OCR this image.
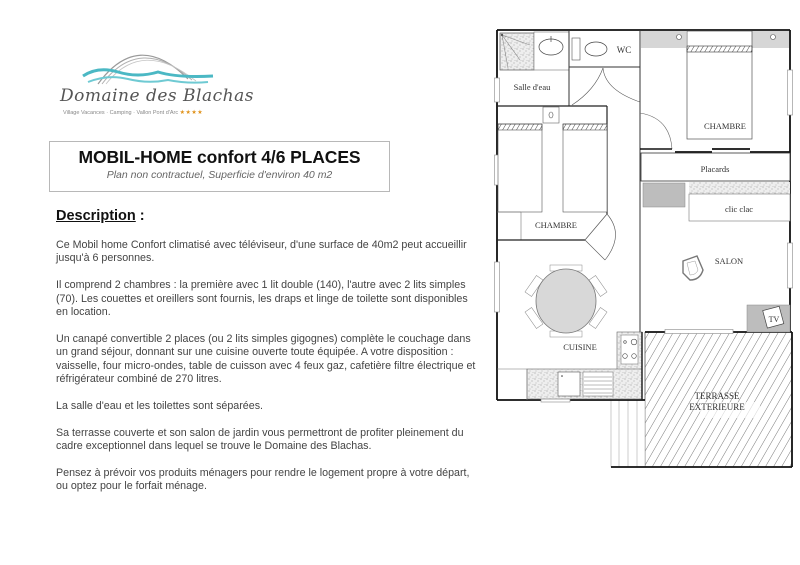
Domaine des Blachas
Village Vacances · Camping · Vallon Pont d'Arc ★★★★
MOBIL-HOME confort 4/6 PLACES
Plan non contractuel, Superficie d'environ 40 m2
Description :

Ce Mobil home Confort climatisé avec téléviseur, d'une surface de 40m2 peut accueillir jusqu'à 6 personnes.

Il comprend 2 chambres : la première avec 1 lit double (140), l'autre avec 2 lits simples (70). Les couettes et oreillers sont fournis, les draps et linge de toilette sont disponibles en location.

Un canapé convertible 2 places (ou 2 lits simples gigognes) complète le couchage dans un grand séjour, donnant sur une cuisine ouverte toute équipée. A votre disposition : vaisselle, four micro-ondes, table de cuisson avec 4 feux gaz, cafetière filtre électrique et réfrigérateur combiné de 270 litres.

La salle d'eau et les toilettes sont séparées.

Sa terrasse couverte et son salon de jardin vous permettront de profiter pleinement du cadre exceptionnel dans lequel se trouve le Domaine des Blachas.

Pensez à prévoir vos produits ménagers pour rendre le logement propre à votre départ, ou optez pour le forfait ménage.

TERRASSE
EXTERIEURE
Salle d'eau
WC
CHAMBRE
Placards
CHAMBRE
clic clac
SALON
TV
CUISINE
